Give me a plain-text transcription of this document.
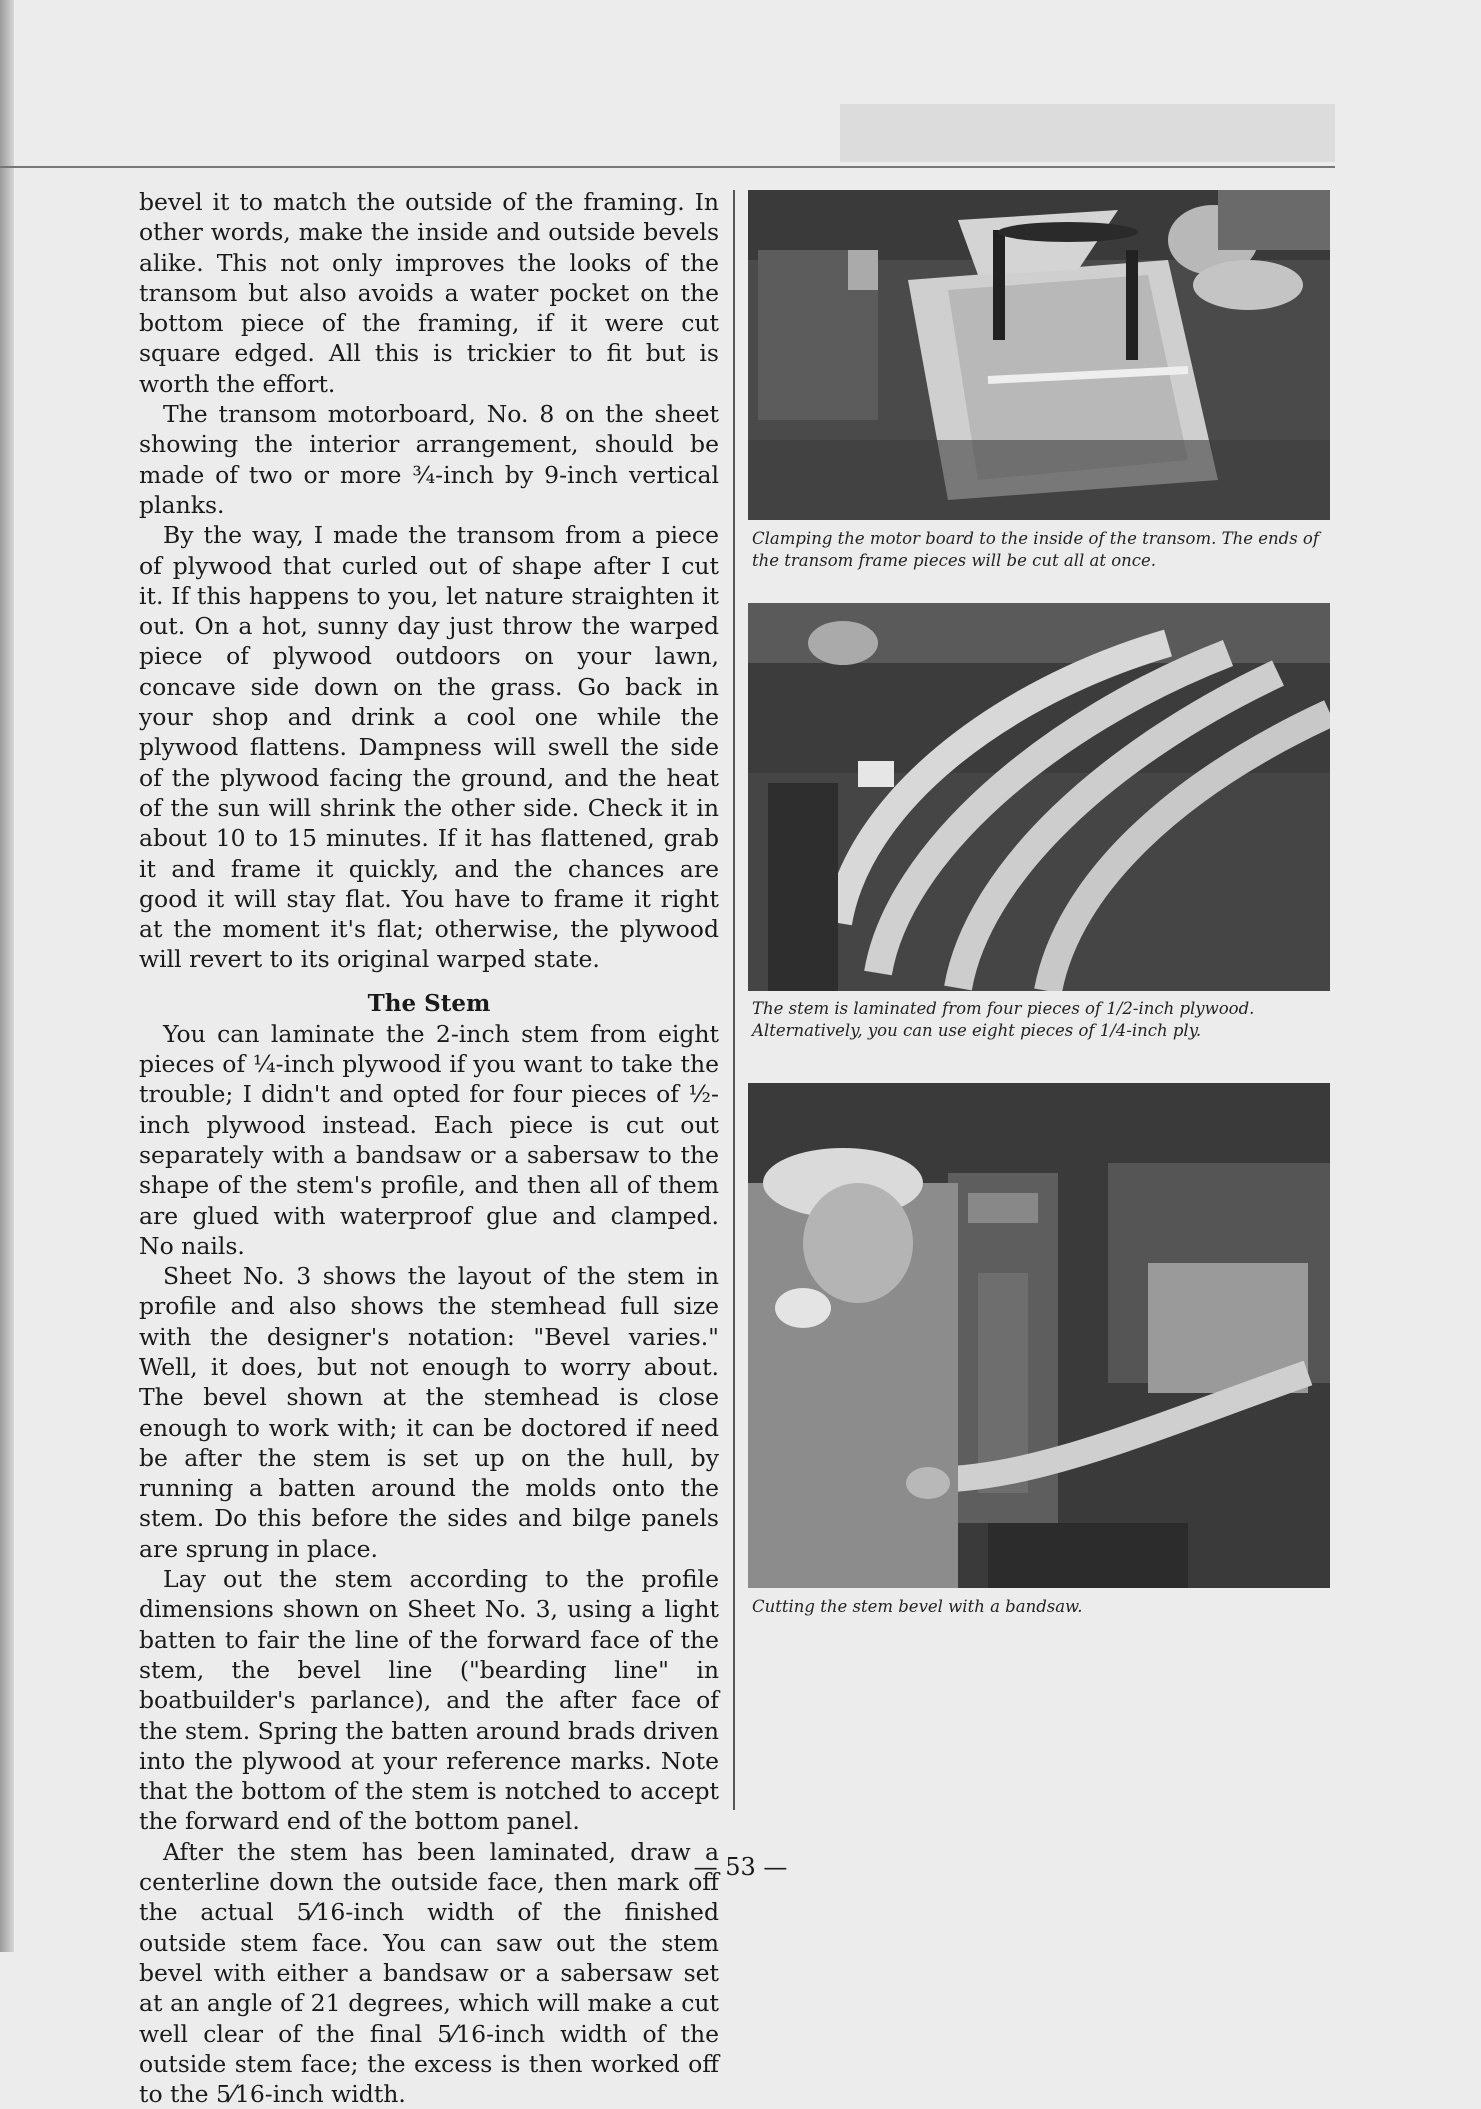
bevel it to match the outside of the framing. In other words, make the inside and outside bevels alike. This not only improves the looks of the transom but also avoids a water pocket on the bottom piece of the framing, if it were cut square edged. All this is trickier to fit but is worth the effort.

The transom motorboard, No. 8 on the sheet showing the interior arrangement, should be made of two or more ¾-inch by 9-inch vertical planks.

By the way, I made the transom from a piece of plywood that curled out of shape after I cut it. If this happens to you, let nature straighten it out. On a hot, sunny day just throw the warped piece of plywood outdoors on your lawn, concave side down on the grass. Go back in your shop and drink a cool one while the plywood flattens. Dampness will swell the side of the plywood facing the ground, and the heat of the sun will shrink the other side. Check it in about 10 to 15 minutes. If it has flattened, grab it and frame it quickly, and the chances are good it will stay flat. You have to frame it right at the moment it's flat; otherwise, the plywood will revert to its original warped state.

The Stem

You can laminate the 2-inch stem from eight pieces of ¼-inch plywood if you want to take the trouble; I didn't and opted for four pieces of ½-inch plywood instead. Each piece is cut out separately with a bandsaw or a sabersaw to the shape of the stem's profile, and then all of them are glued with waterproof glue and clamped. No nails.

Sheet No. 3 shows the layout of the stem in profile and also shows the stemhead full size with the designer's notation: "Bevel varies." Well, it does, but not enough to worry about. The bevel shown at the stemhead is close enough to work with; it can be doctored if need be after the stem is set up on the hull, by running a batten around the molds onto the stem. Do this before the sides and bilge panels are sprung in place.

Lay out the stem according to the profile dimensions shown on Sheet No. 3, using a light batten to fair the line of the forward face of the stem, the bevel line ("bearding line" in boatbuilder's parlance), and the after face of the stem. Spring the batten around brads driven into the plywood at your reference marks. Note that the bottom of the stem is notched to accept the forward end of the bottom panel.

After the stem has been laminated, draw a centerline down the outside face, then mark off the actual 5⁄16-inch width of the finished outside stem face. You can saw out the stem bevel with either a bandsaw or a sabersaw set at an angle of 21 degrees, which will make a cut well clear of the final 5⁄16-inch width of the outside stem face; the excess is then worked off to the 5⁄16-inch width.

Clamping the motor board to the inside of the transom. The ends of the transom frame pieces will be cut all at once.
The stem is laminated from four pieces of 1/2-inch plywood. Alternatively, you can use eight pieces of 1/4-inch ply.
Cutting the stem bevel with a bandsaw.
— 53 —
